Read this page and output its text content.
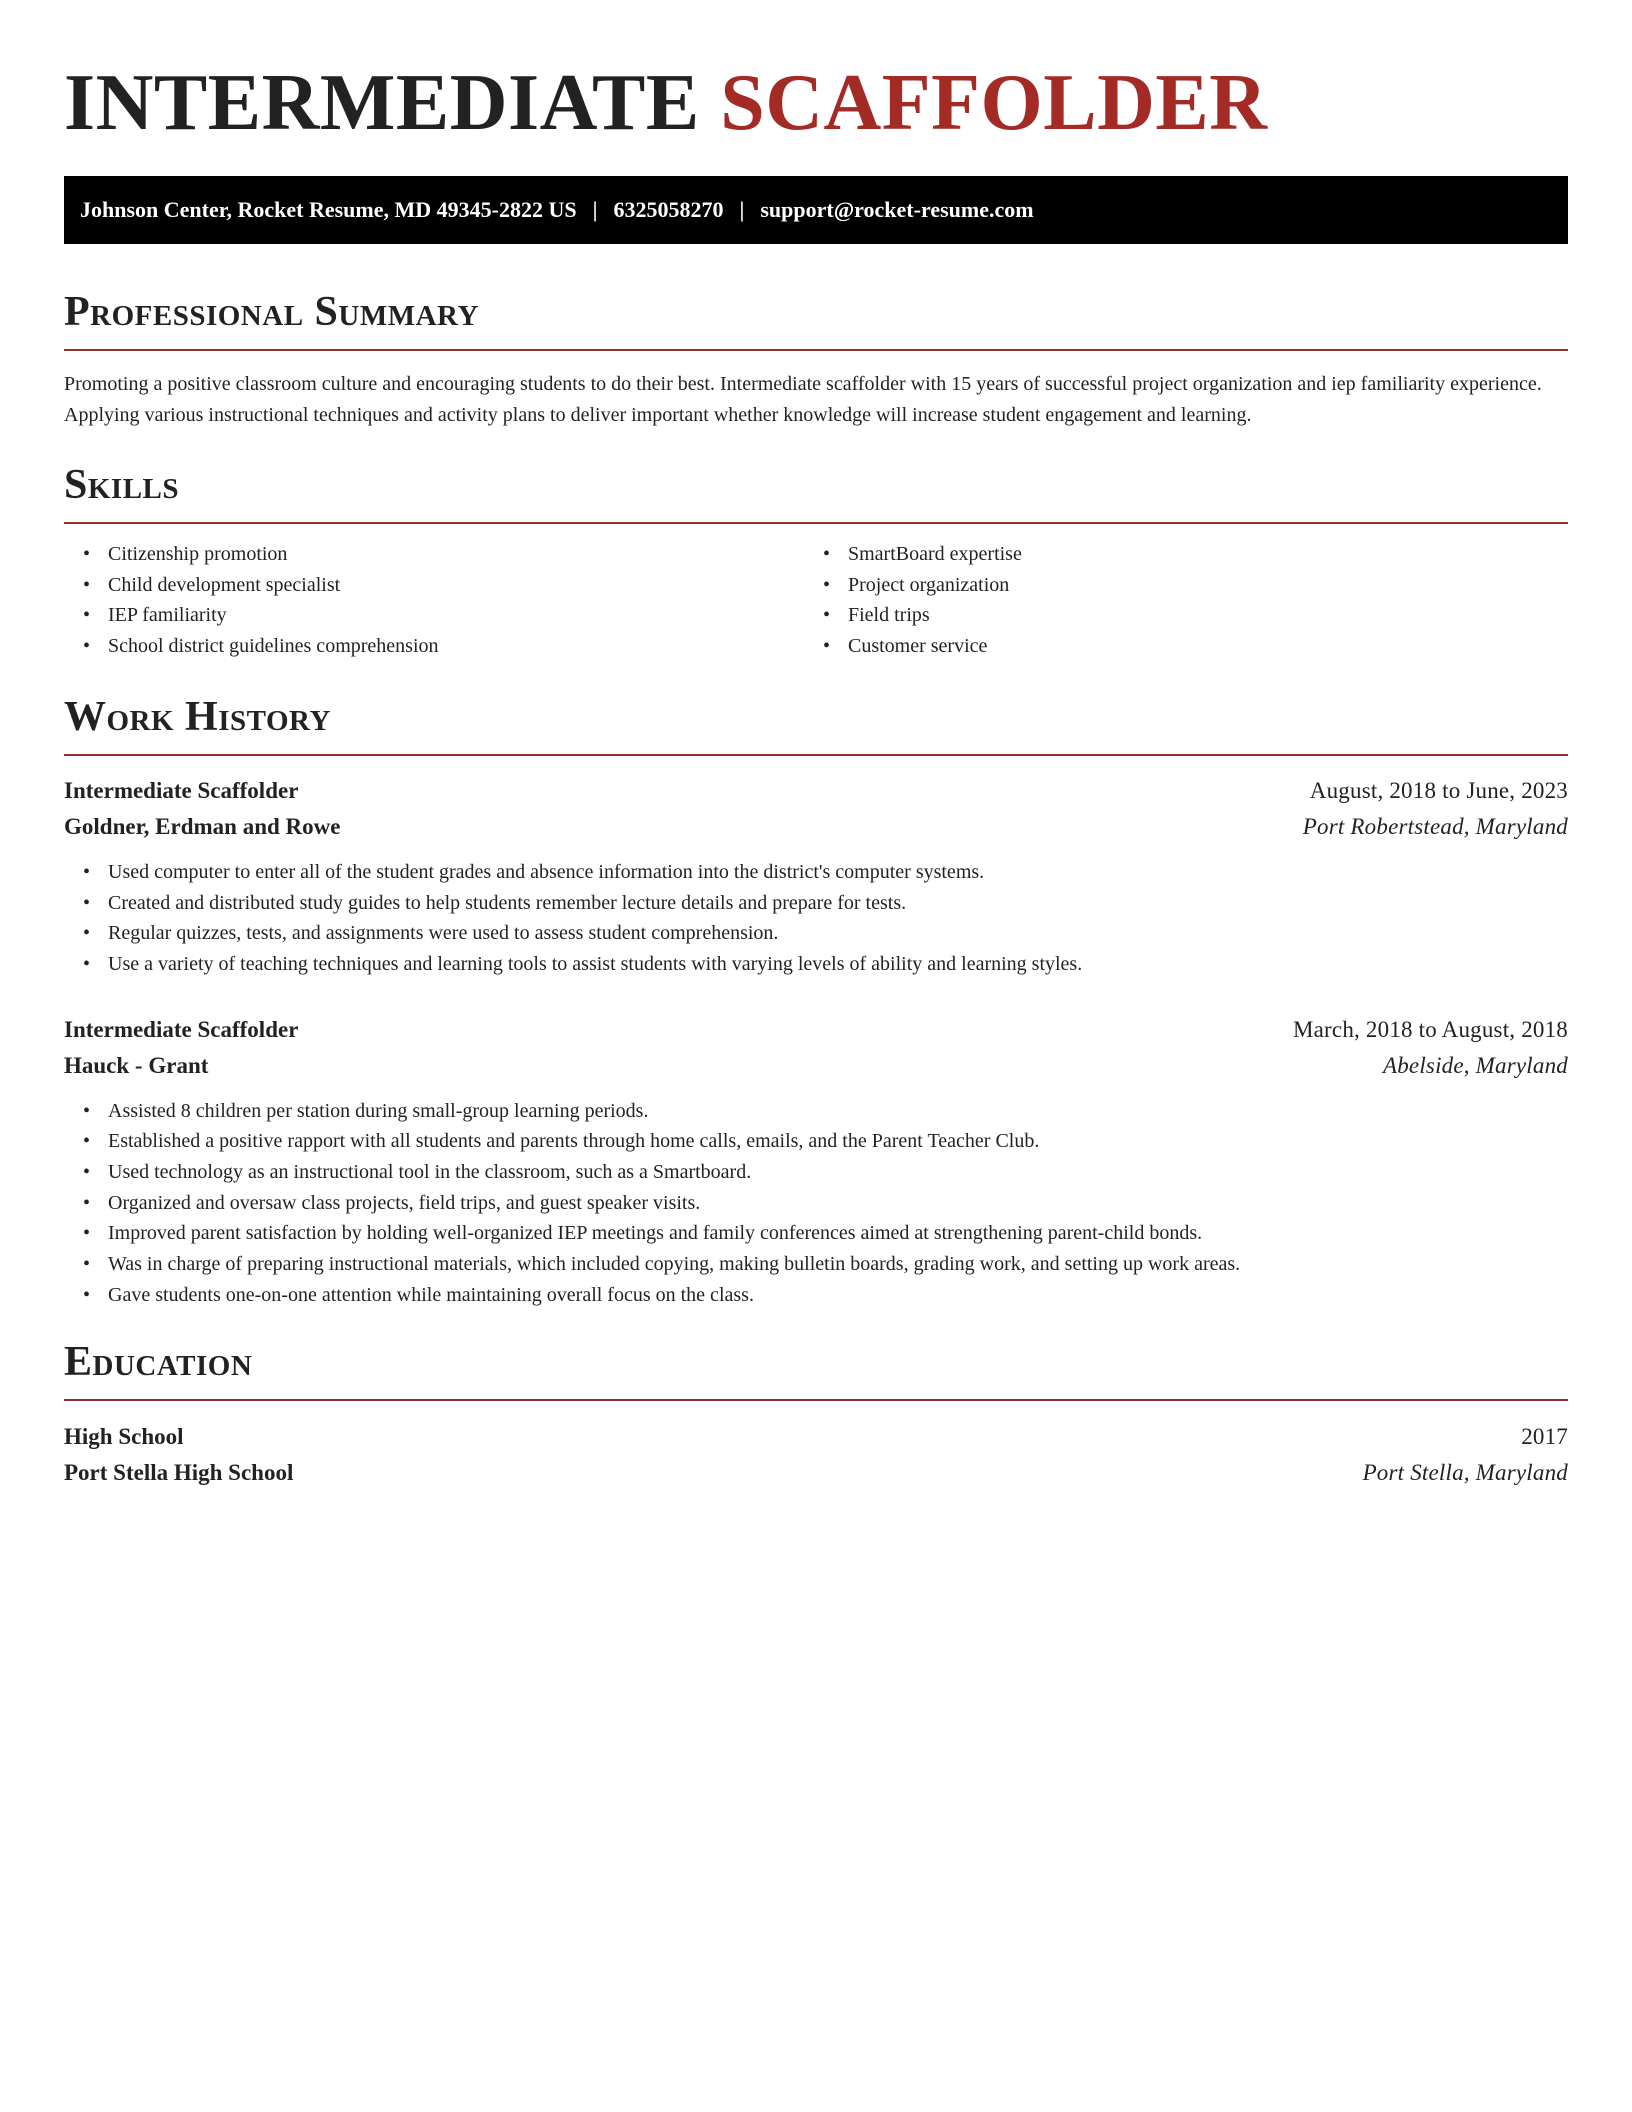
INTERMEDIATE SCAFFOLDER
Johnson Center, Rocket Resume, MD 49345-2822 US | 6325058270 | support@rocket-resume.com
Professional Summary

Promoting a positive classroom culture and encouraging students to do their best. Intermediate scaffolder with 15 years of successful project organization and iep familiarity experience. Applying various instructional techniques and activity plans to deliver important whether knowledge will increase student engagement and learning.

Skills
• Citizenship promotion
• Child development specialist
• IEP familiarity
• School district guidelines comprehension
• SmartBoard expertise
• Project organization
• Field trips
• Customer service
Work History
Intermediate Scaffolder	August, 2018 to June, 2023
Goldner, Erdman and Rowe	Port Robertstead, Maryland
• Used computer to enter all of the student grades and absence information into the district's computer systems.
• Created and distributed study guides to help students remember lecture details and prepare for tests.
• Regular quizzes, tests, and assignments were used to assess student comprehension.
• Use a variety of teaching techniques and learning tools to assist students with varying levels of ability and learning styles.
Intermediate Scaffolder	March, 2018 to August, 2018
Hauck - Grant	Abelside, Maryland
• Assisted 8 children per station during small-group learning periods.
• Established a positive rapport with all students and parents through home calls, emails, and the Parent Teacher Club.
• Used technology as an instructional tool in the classroom, such as a Smartboard.
• Organized and oversaw class projects, field trips, and guest speaker visits.
• Improved parent satisfaction by holding well-organized IEP meetings and family conferences aimed at strengthening parent-child bonds.
• Was in charge of preparing instructional materials, which included copying, making bulletin boards, grading work, and setting up work areas.
• Gave students one-on-one attention while maintaining overall focus on the class.
Education
High School	2017
Port Stella High School	Port Stella, Maryland
